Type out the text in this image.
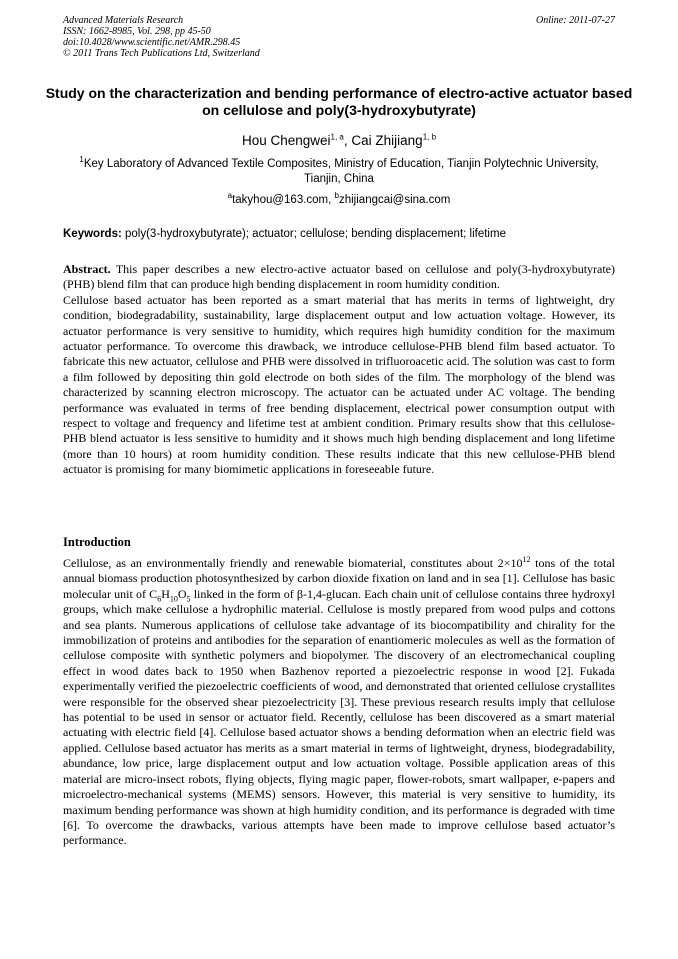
Advanced Materials Research
ISSN: 1662-8985, Vol. 298, pp 45-50
doi:10.4028/www.scientific.net/AMR.298.45
© 2011 Trans Tech Publications Ltd, Switzerland
Online: 2011-07-27
Study on the characterization and bending performance of electro-active actuator based on cellulose and poly(3-hydroxybutyrate)
Hou Chengwei$^{1, a}$, Cai Zhijiang$^{1, b}$
$^1$Key Laboratory of Advanced Textile Composites, Ministry of Education, Tianjin Polytechnic University, Tianjin, China
$^a$takyhou@163.com, $^b$zhijiangcai@sina.com
Keywords: poly(3-hydroxybutyrate); actuator; cellulose; bending displacement; lifetime

Abstract. This paper describes a new electro-active actuator based on cellulose and poly(3-hydroxybutyrate) (PHB) blend film that can produce high bending displacement in room humidity condition.

Cellulose based actuator has been reported as a smart material that has merits in terms of lightweight, dry condition, biodegradability, sustainability, large displacement output and low actuation voltage. However, its actuator performance is very sensitive to humidity, which requires high humidity condition for the maximum actuator performance. To overcome this drawback, we introduce cellulose-PHB blend film based actuator. To fabricate this new actuator, cellulose and PHB were dissolved in trifluoroacetic acid. The solution was cast to form a film followed by depositing thin gold electrode on both sides of the film. The morphology of the blend was characterized by scanning electron microscopy. The actuator can be actuated under AC voltage. The bending performance was evaluated in terms of free bending displacement, electrical power consumption output with respect to voltage and frequency and lifetime test at ambient condition. Primary results show that this cellulose-PHB blend actuator is less sensitive to humidity and it shows much high bending displacement and long lifetime (more than 10 hours) at room humidity condition. These results indicate that this new cellulose-PHB blend actuator is promising for many biomimetic applications in foreseeable future.

Introduction

Cellulose, as an environmentally friendly and renewable biomaterial, constitutes about $2\times 10^{12}$ tons of the total annual biomass production photosynthesized by carbon dioxide fixation on land and in sea [1]. Cellulose has basic molecular unit of $C_6H_{10}O_5$ linked in the form of β-1,4-glucan. Each chain unit of cellulose contains three hydroxyl groups, which make cellulose a hydrophilic material. Cellulose is mostly prepared from wood pulps and cottons and sea plants. Numerous applications of cellulose take advantage of its biocompatibility and chirality for the immobilization of proteins and antibodies for the separation of enantiomeric molecules as well as the formation of cellulose composite with synthetic polymers and biopolymer. The discovery of an electromechanical coupling effect in wood dates back to 1950 when Bazhenov reported a piezoelectric response in wood [2]. Fukada experimentally verified the piezoelectric coefficients of wood, and demonstrated that oriented cellulose crystallites were responsible for the observed shear piezoelectricity [3]. These previous research results imply that cellulose has potential to be used in sensor or actuator field. Recently, cellulose has been discovered as a smart material actuating with electric field [4]. Cellulose based actuator shows a bending deformation when an electric field was applied. Cellulose based actuator has merits as a smart material in terms of lightweight, dryness, biodegradability, abundance, low price, large displacement output and low actuation voltage. Possible application areas of this material are micro-insect robots, flying objects, flying magic paper, flower-robots, smart wallpaper, e-papers and microelectro-mechanical systems (MEMS) sensors. However, this material is very sensitive to humidity, its maximum bending performance was shown at high humidity condition, and its performance is degraded with time [6]. To overcome the drawbacks, various attempts have been made to improve cellulose based actuator’s performance.
